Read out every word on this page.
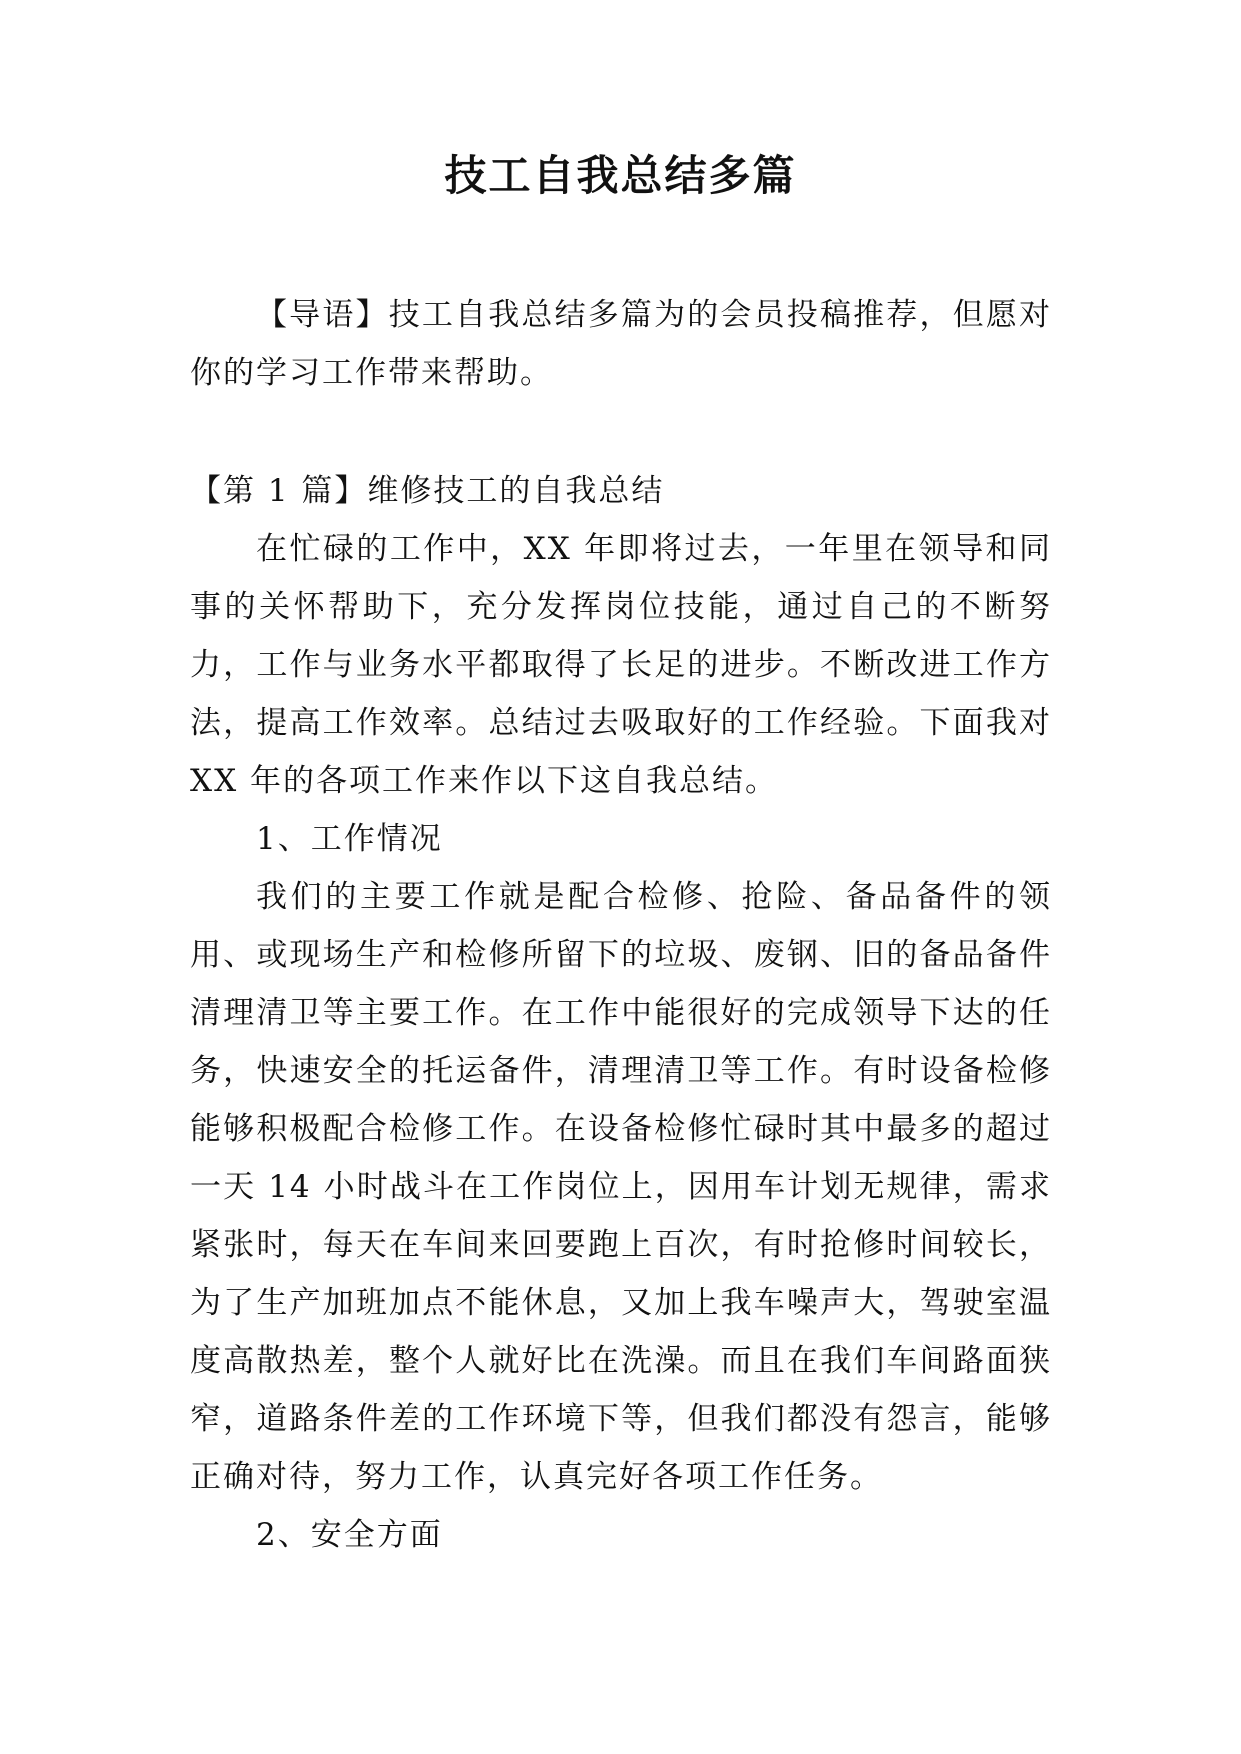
技工自我总结多篇

【导语】技工自我总结多篇为的会员投稿推荐，但愿对你的学习工作带来帮助。

【第 1 篇】维修技工的自我总结

在忙碌的工作中，XX 年即将过去，一年里在领导和同事的关怀帮助下，充分发挥岗位技能，通过自己的不断努力，工作与业务水平都取得了长足的进步。不断改进工作方法，提高工作效率。总结过去吸取好的工作经验。下面我对 XX 年的各项工作来作以下这自我总结。

1、工作情况

我们的主要工作就是配合检修、抢险、备品备件的领用、或现场生产和检修所留下的垃圾、废钢、旧的备品备件清理清卫等主要工作。在工作中能很好的完成领导下达的任务，快速安全的托运备件，清理清卫等工作。有时设备检修能够积极配合检修工作。在设备检修忙碌时其中最多的超过一天 14 小时战斗在工作岗位上，因用车计划无规律，需求紧张时，每天在车间来回要跑上百次，有时抢修时间较长，为了生产加班加点不能休息，又加上我车噪声大，驾驶室温度高散热差，整个人就好比在洗澡。而且在我们车间路面狭窄，道路条件差的工作环境下等，但我们都没有怨言，能够正确对待，努力工作，认真完好各项工作任务。

2、安全方面
